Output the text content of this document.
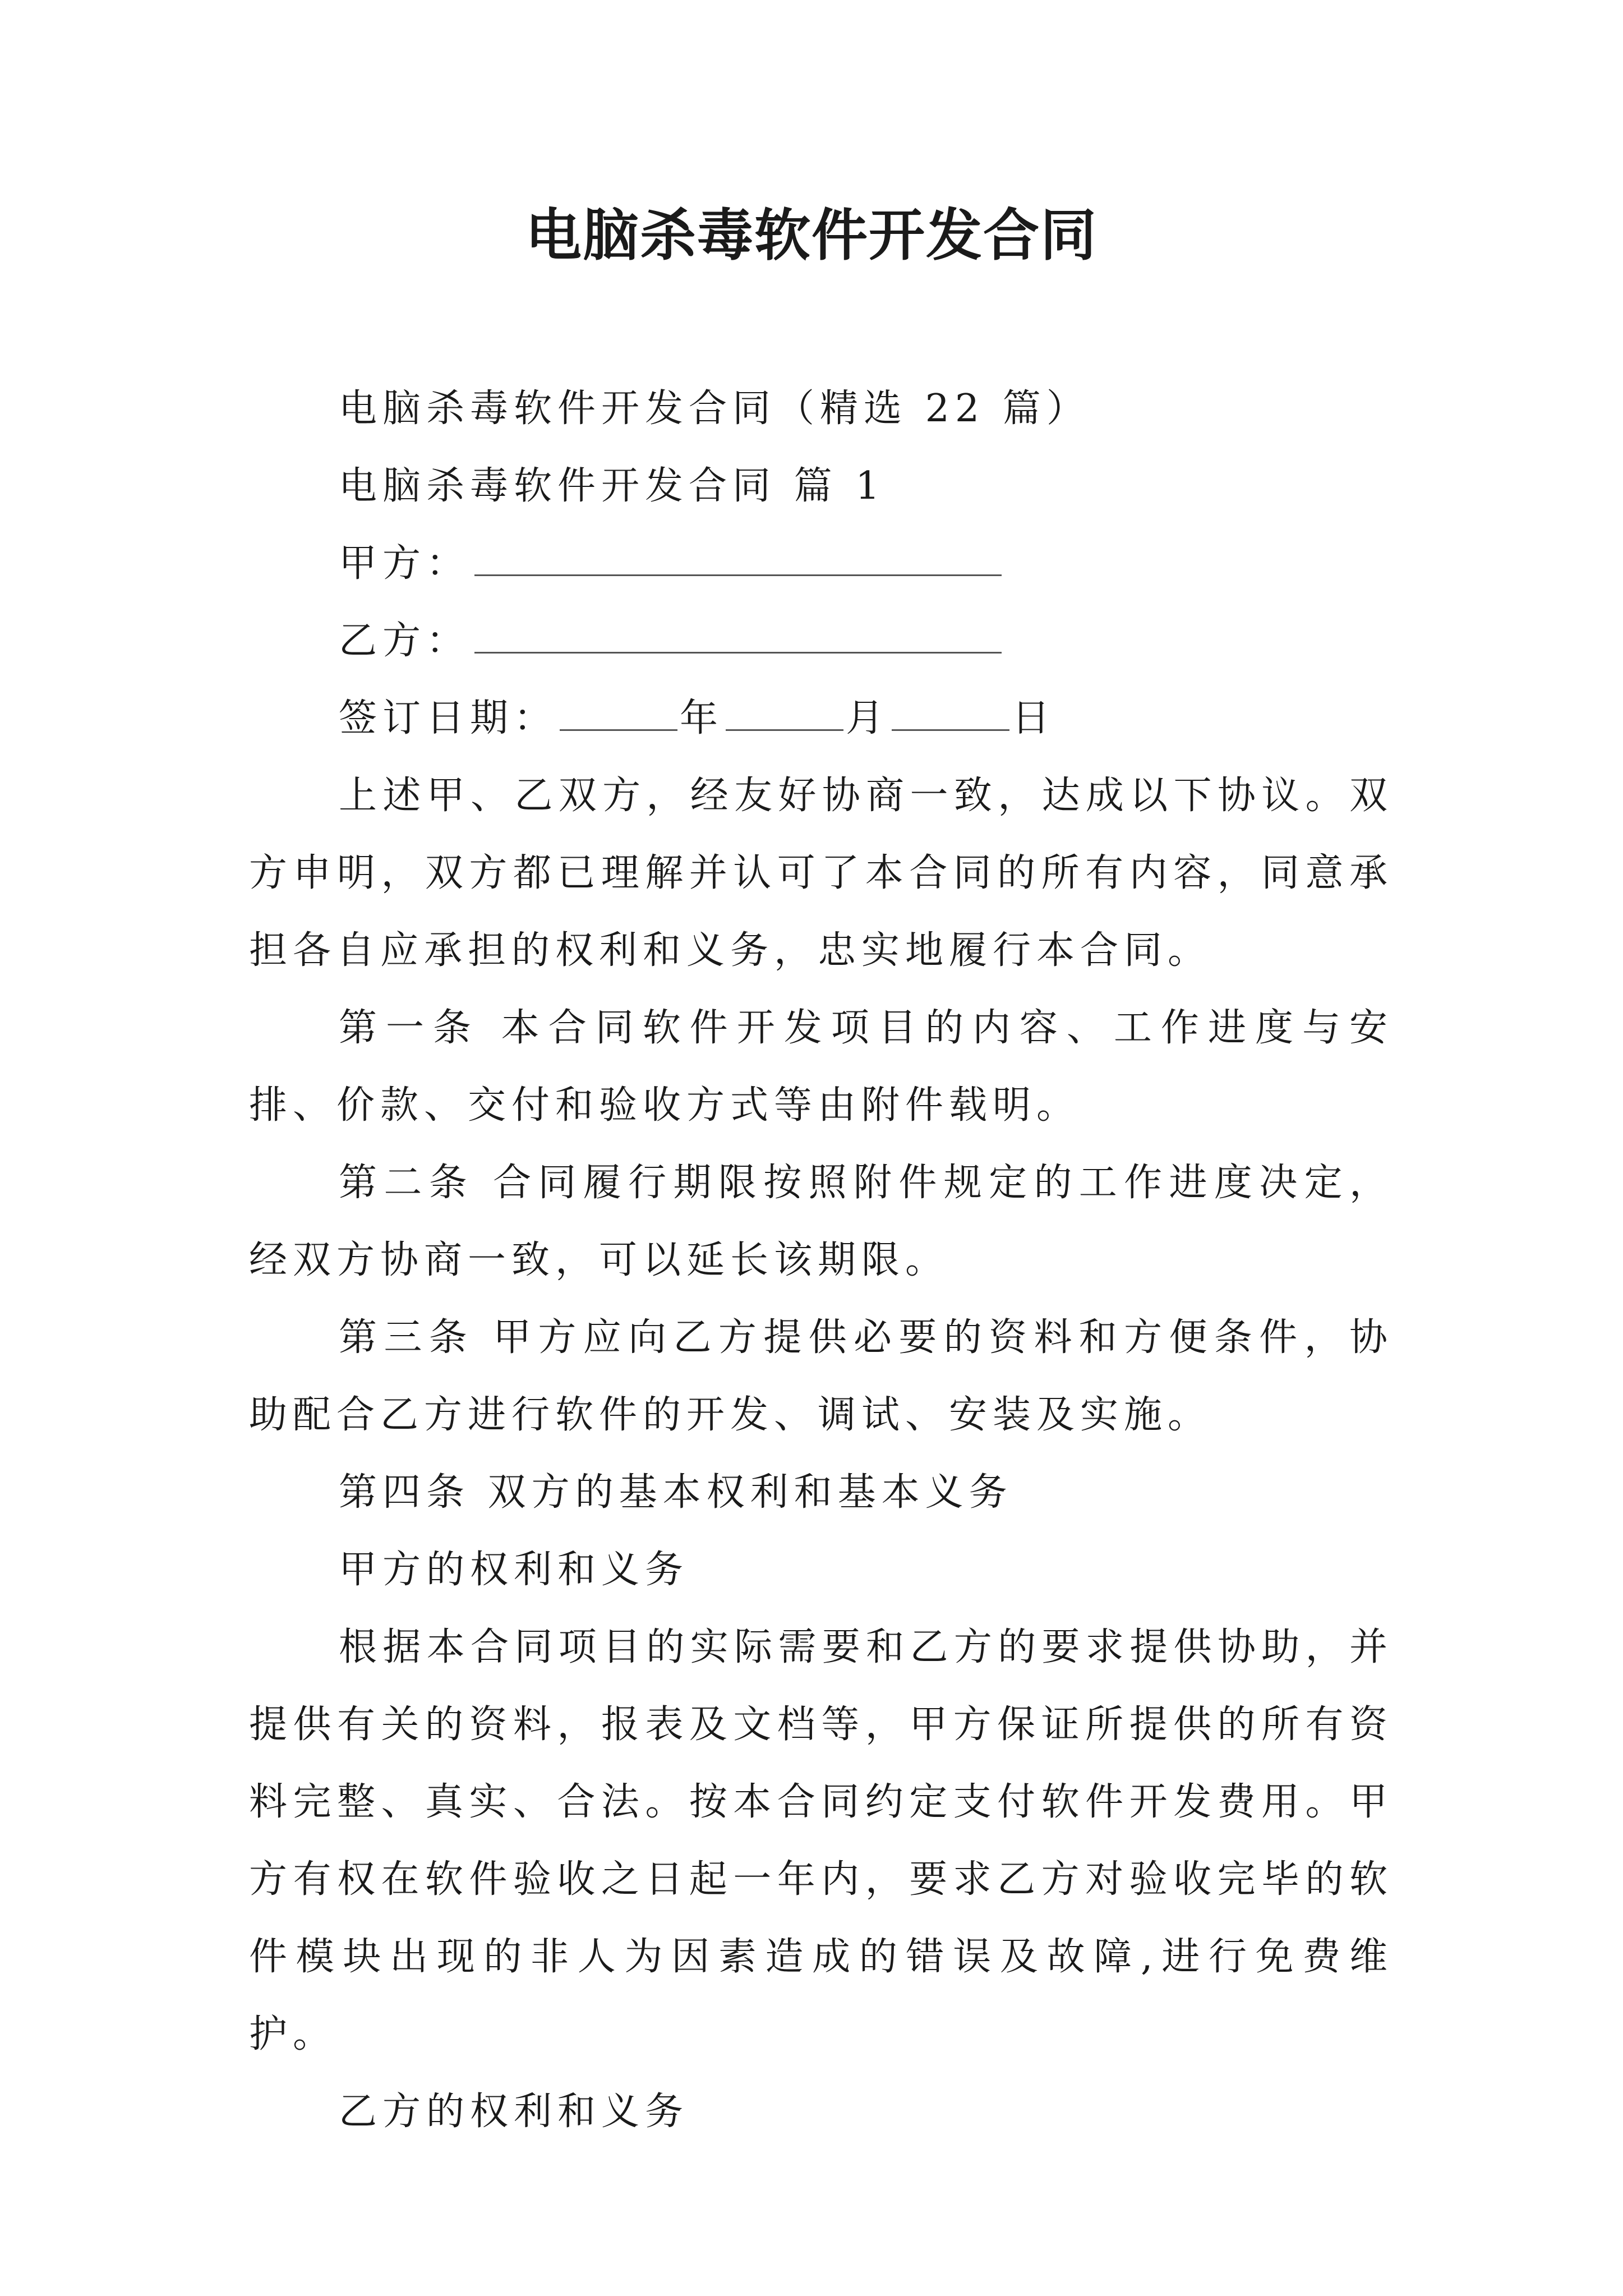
电脑杀毒软件开发合同

电脑杀毒软件开发合同（精选 22 篇）

电脑杀毒软件开发合同 篇 1

甲方：

乙方：

签订日期：	年	月	日

上述甲、乙双方，经友好协商一致，达成以下协议。双方申明，双方都已理解并认可了本合同的所有内容，同意承担各自应承担的权利和义务，忠实地履行本合同。

第一条 本合同软件开发项目的内容、工作进度与安排、价款、交付和验收方式等由附件载明。

第二条 合同履行期限按照附件规定的工作进度决定，经双方协商一致，可以延长该期限。

第三条 甲方应向乙方提供必要的资料和方便条件，协助配合乙方进行软件的开发、调试、安装及实施。

第四条 双方的基本权利和基本义务

甲方的权利和义务

根据本合同项目的实际需要和乙方的要求提供协助，并提供有关的资料，报表及文档等，甲方保证所提供的所有资料完整、真实、合法。按本合同约定支付软件开发费用。甲方有权在软件验收之日起一年内，要求乙方对验收完毕的软件模块出现的非人为因素造成的错误及故障,进行免费维护。

乙方的权利和义务
